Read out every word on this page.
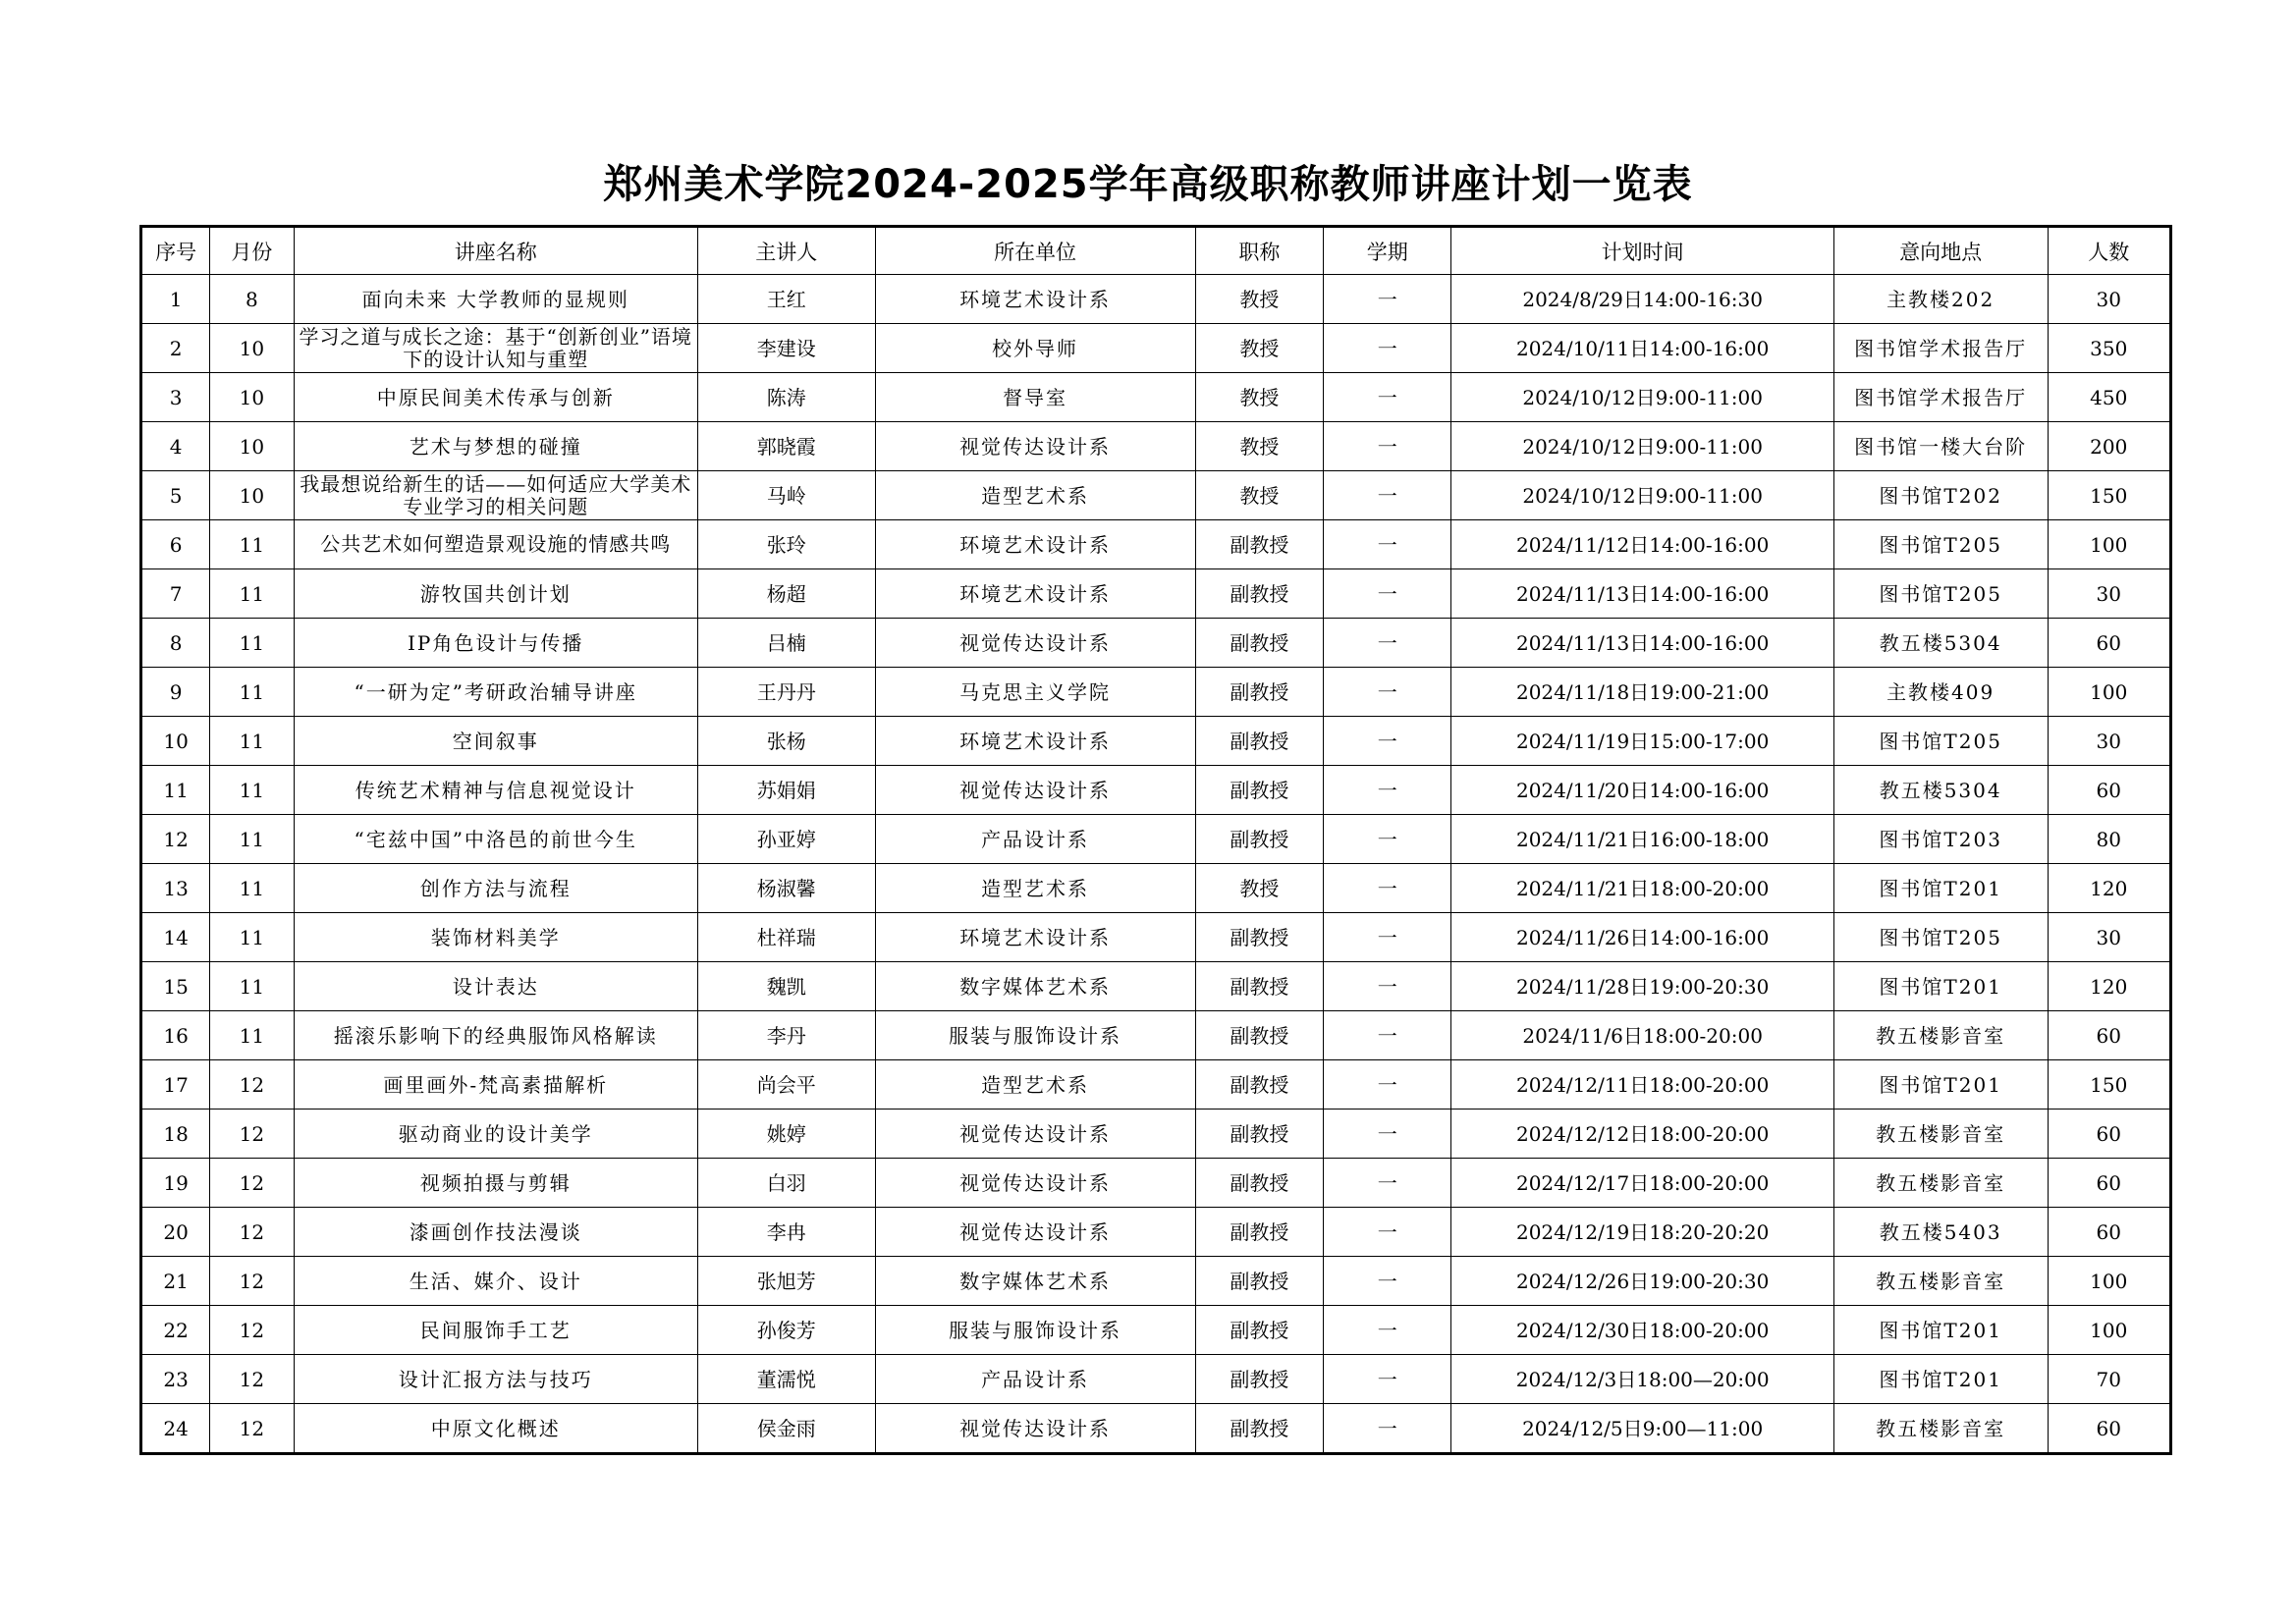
郑州美术学院2024-2025学年高级职称教师讲座计划一览表
序号	月份	讲座名称	主讲人	所在单位	职称	学期	计划时间	意向地点	人数
1	8	面向未来 大学教师的显规则	王红	环境艺术设计系	教授	一	2024/8/29日14:00-16:30	主教楼202	30
2	10	学习之道与成长之途：基于“创新创业”语境下的设计认知与重塑	李建设	校外导师	教授	一	2024/10/11日14:00-16:00	图书馆学术报告厅	350
3	10	中原民间美术传承与创新	陈涛	督导室	教授	一	2024/10/12日9:00-11:00	图书馆学术报告厅	450
4	10	艺术与梦想的碰撞	郭晓霞	视觉传达设计系	教授	一	2024/10/12日9:00-11:00	图书馆一楼大台阶	200
5	10	我最想说给新生的话——如何适应大学美术专业学习的相关问题	马岭	造型艺术系	教授	一	2024/10/12日9:00-11:00	图书馆T202	150
6	11	公共艺术如何塑造景观设施的情感共鸣	张玲	环境艺术设计系	副教授	一	2024/11/12日14:00-16:00	图书馆T205	100
7	11	游牧国共创计划	杨超	环境艺术设计系	副教授	一	2024/11/13日14:00-16:00	图书馆T205	30
8	11	IP角色设计与传播	吕楠	视觉传达设计系	副教授	一	2024/11/13日14:00-16:00	教五楼5304	60
9	11	“一研为定”考研政治辅导讲座	王丹丹	马克思主义学院	副教授	一	2024/11/18日19:00-21:00	主教楼409	100
10	11	空间叙事	张杨	环境艺术设计系	副教授	一	2024/11/19日15:00-17:00	图书馆T205	30
11	11	传统艺术精神与信息视觉设计	苏娟娟	视觉传达设计系	副教授	一	2024/11/20日14:00-16:00	教五楼5304	60
12	11	“宅兹中国”中洛邑的前世今生	孙亚婷	产品设计系	副教授	一	2024/11/21日16:00-18:00	图书馆T203	80
13	11	创作方法与流程	杨淑馨	造型艺术系	教授	一	2024/11/21日18:00-20:00	图书馆T201	120
14	11	装饰材料美学	杜祥瑞	环境艺术设计系	副教授	一	2024/11/26日14:00-16:00	图书馆T205	30
15	11	设计表达	魏凯	数字媒体艺术系	副教授	一	2024/11/28日19:00-20:30	图书馆T201	120
16	11	摇滚乐影响下的经典服饰风格解读	李丹	服装与服饰设计系	副教授	一	2024/11/6日18:00-20:00	教五楼影音室	60
17	12	画里画外-梵高素描解析	尚会平	造型艺术系	副教授	一	2024/12/11日18:00-20:00	图书馆T201	150
18	12	驱动商业的设计美学	姚婷	视觉传达设计系	副教授	一	2024/12/12日18:00-20:00	教五楼影音室	60
19	12	视频拍摄与剪辑	白羽	视觉传达设计系	副教授	一	2024/12/17日18:00-20:00	教五楼影音室	60
20	12	漆画创作技法漫谈	李冉	视觉传达设计系	副教授	一	2024/12/19日18:20-20:20	教五楼5403	60
21	12	生活、媒介、设计	张旭芳	数字媒体艺术系	副教授	一	2024/12/26日19:00-20:30	教五楼影音室	100
22	12	民间服饰手工艺	孙俊芳	服装与服饰设计系	副教授	一	2024/12/30日18:00-20:00	图书馆T201	100
23	12	设计汇报方法与技巧	董濡悦	产品设计系	副教授	一	2024/12/3日18:00—20:00	图书馆T201	70
24	12	中原文化概述	侯金雨	视觉传达设计系	副教授	一	2024/12/5日9:00—11:00	教五楼影音室	60
